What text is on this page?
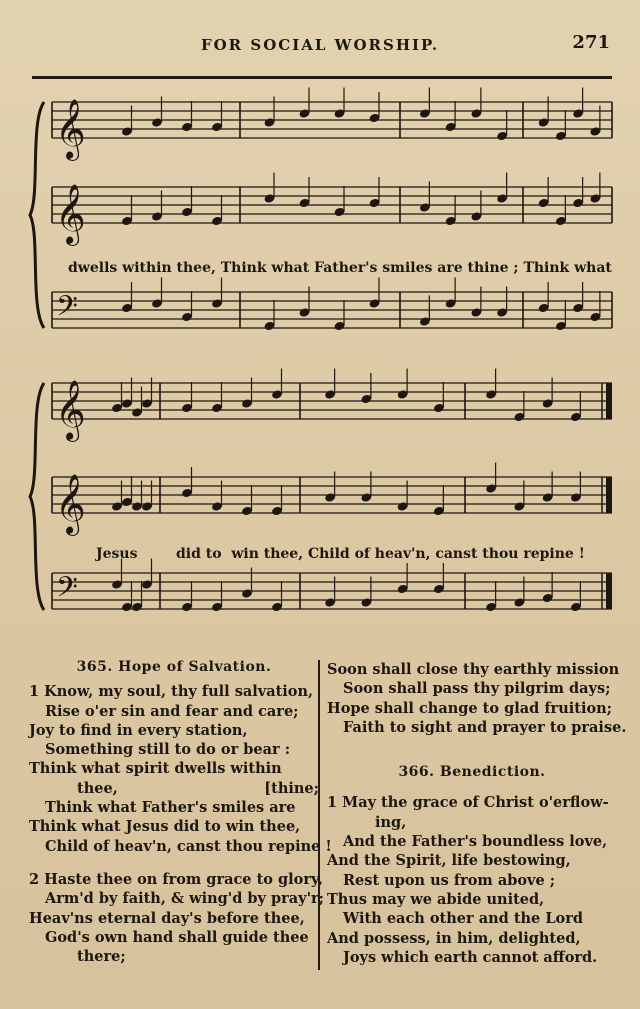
FOR SOCIAL WORSHIP.	271
𝄞
𝄞
𝄢
𝄞
𝄞
𝄢
dwells within thee, Think what Father's smiles are thine ; Think what
Jesus	did to  win thee, Child of heav'n, canst thou repine !
365. Hope of Salvation.
1 Know, my soul, thy full salvation,
Rise o'er sin and fear and care;
Joy to find in every station,
Something still to do or bear :
Think what spirit dwells within
thee,	[thine;
Think what Father's smiles are
Think what Jesus did to win thee,
Child of heav'n, canst thou repine !
2 Haste thee on from grace to glory,
Arm'd by faith, & wing'd by pray'r;
Heav'ns eternal day's before thee,
God's own hand shall guide thee
there;
Soon shall close thy earthly mission
Soon shall pass thy pilgrim days;
Hope shall change to glad fruition;
Faith to sight and prayer to praise.
366. Benediction.
1 May the grace of Christ o'erflow-
ing,
And the Father's boundless love,
And the Spirit, life bestowing,
Rest upon us from above ;
Thus may we abide united,
With each other and the Lord
And possess, in him, delighted,
Joys which earth cannot afford.
